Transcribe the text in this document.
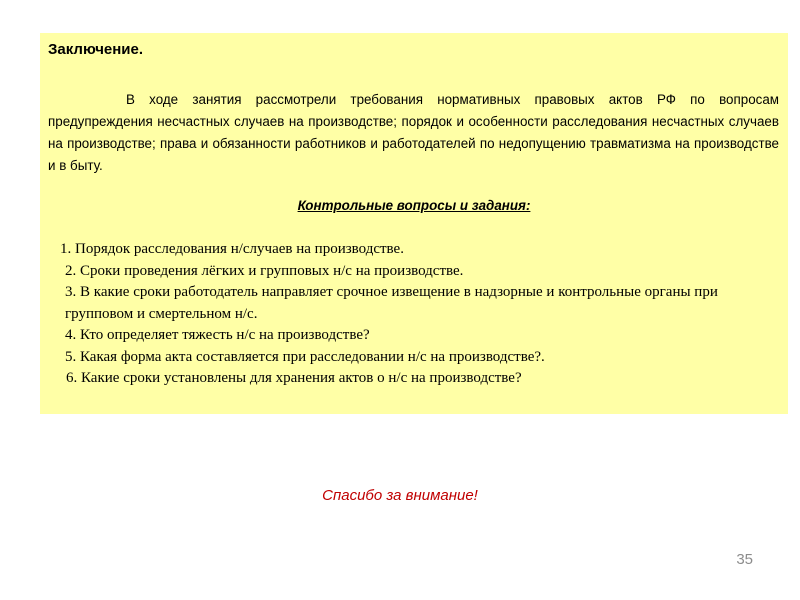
Заключение.

В ходе занятия рассмотрели требования нормативных правовых актов РФ по вопросам предупреждения несчастных случаев на производстве; порядок и особенности расследования несчастных случаев на производстве; права и обязанности работников и работодателей по недопущению травматизма на производстве и в быту.

Контрольные вопросы и задания:
1. Порядок расследования н/случаев на производстве.
2. Сроки проведения лёгких и групповых н/с на производстве.
3. В какие сроки работодатель направляет срочное извещение в надзорные и контрольные органы при групповом и смертельном н/с.
4. Кто определяет тяжесть н/с на производстве?
5. Какая форма акта составляется при расследовании н/с на производстве?.
6. Какие сроки установлены для хранения актов о н/с на производстве?
Спасибо за внимание!
35
